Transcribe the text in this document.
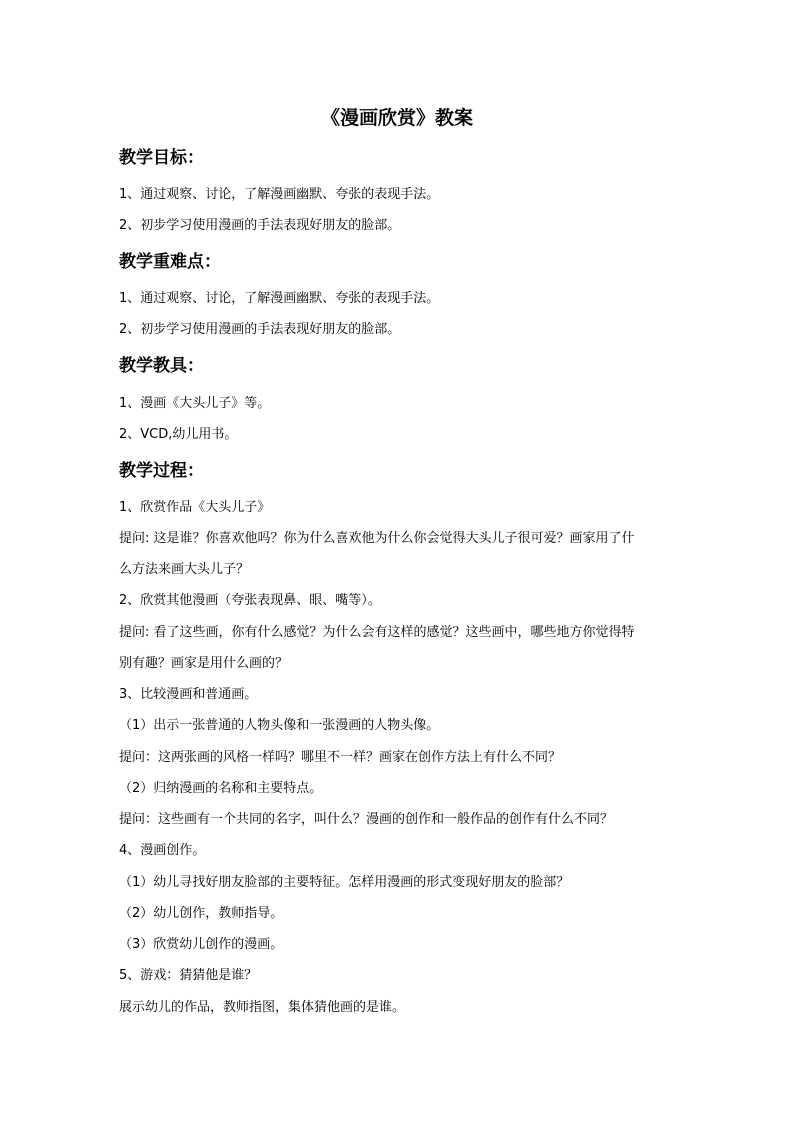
《漫画欣赏》教案
教学目标：
1、通过观察、讨论，了解漫画幽默、夸张的表现手法。
2、初步学习使用漫画的手法表现好朋友的脸部。
教学重难点：
1、通过观察、讨论，了解漫画幽默、夸张的表现手法。
2、初步学习使用漫画的手法表现好朋友的脸部。
教学教具：
1、漫画《大头儿子》等。
2、VCD,幼儿用书。
教学过程：
1、欣赏作品《大头儿子》
提问: 这是谁？你喜欢他吗？你为什么喜欢他为什么你会觉得大头儿子很可爱？画家用了什
么方法来画大头儿子？
2、欣赏其他漫画（夸张表现鼻、眼、嘴等）。
提问: 看了这些画，你有什么感觉？为什么会有这样的感觉？这些画中，哪些地方你觉得特
别有趣？画家是用什么画的？
3、比较漫画和普通画。
（1）出示一张普通的人物头像和一张漫画的人物头像。
提问：这两张画的风格一样吗？哪里不一样？画家在创作方法上有什么不同？
（2）归纳漫画的名称和主要特点。
提问：这些画有一个共同的名字，叫什么？漫画的创作和一般作品的创作有什么不同？
4、漫画创作。
（1）幼儿寻找好朋友脸部的主要特征。怎样用漫画的形式变现好朋友的脸部？
（2）幼儿创作，教师指导。
（3）欣赏幼儿创作的漫画。
5、游戏：猜猜他是谁？
展示幼儿的作品，教师指图，集体猜他画的是谁。
